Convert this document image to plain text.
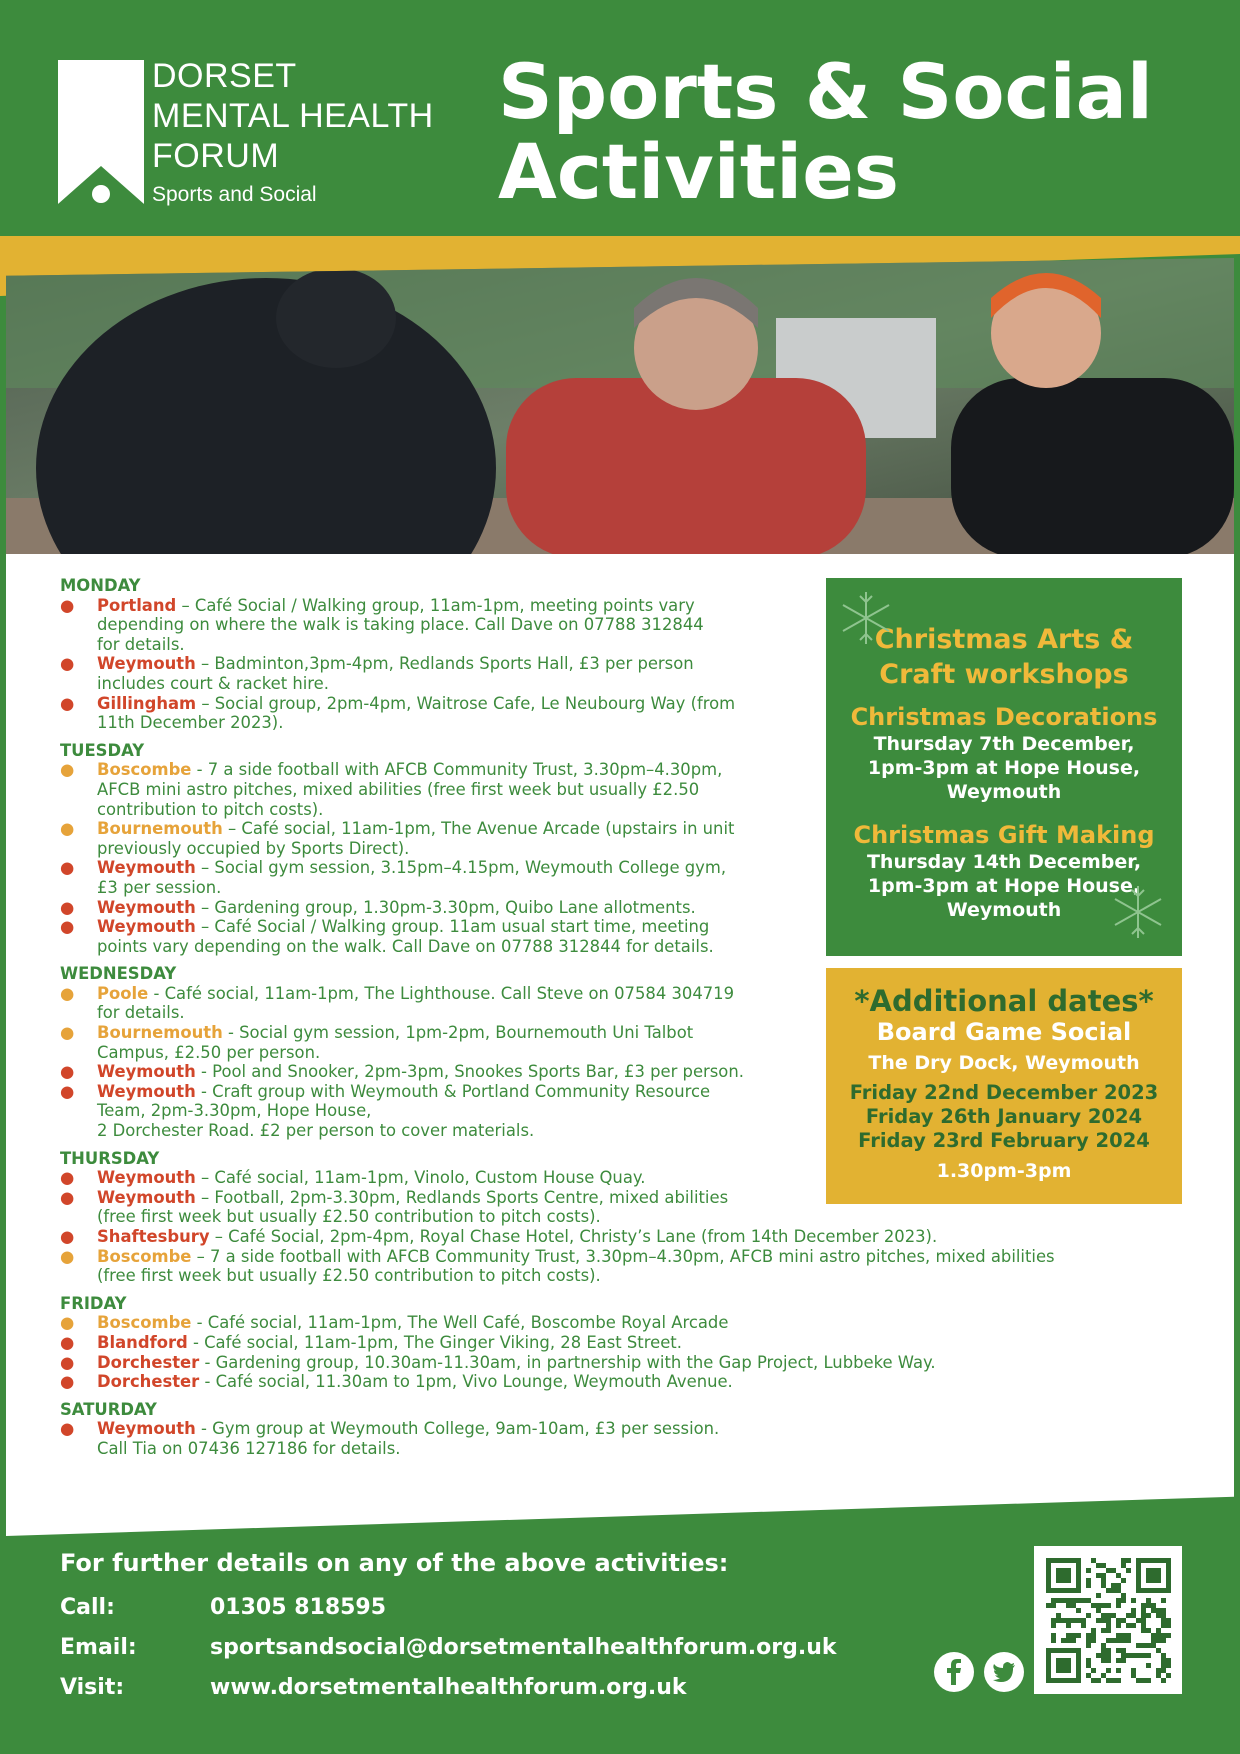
DORSET
MENTAL HEALTH
FORUM
Sports and Social
Sports & Social
Activities
MONDAY
● Portland – Café Social / Walking group, 11am-1pm, meeting points vary
depending on where the walk is taking place. Call Dave on 07788 312844
for details.
● Weymouth – Badminton,3pm-4pm, Redlands Sports Hall, £3 per person
includes court & racket hire.
● Gillingham – Social group, 2pm-4pm, Waitrose Cafe, Le Neubourg Way (from
11th December 2023).
TUESDAY
● Boscombe - 7 a side football with AFCB Community Trust, 3.30pm–4.30pm,
AFCB mini astro pitches, mixed abilities (free first week but usually £2.50
contribution to pitch costs).
● Bournemouth – Café social, 11am-1pm, The Avenue Arcade (upstairs in unit
previously occupied by Sports Direct).
● Weymouth – Social gym session, 3.15pm–4.15pm, Weymouth College gym,
£3 per session.
● Weymouth – Gardening group, 1.30pm-3.30pm, Quibo Lane allotments.
● Weymouth – Café Social / Walking group. 11am usual start time, meeting
points vary depending on the walk. Call Dave on 07788 312844 for details.
WEDNESDAY
● Poole - Café social, 11am-1pm, The Lighthouse. Call Steve on 07584 304719
for details.
● Bournemouth - Social gym session, 1pm-2pm, Bournemouth Uni Talbot
Campus, £2.50 per person.
● Weymouth - Pool and Snooker, 2pm-3pm, Snookes Sports Bar, £3 per person.
● Weymouth - Craft group with Weymouth & Portland Community Resource
Team, 2pm-3.30pm, Hope House,
2 Dorchester Road. £2 per person to cover materials.
THURSDAY
● Weymouth – Café social, 11am-1pm, Vinolo, Custom House Quay.
● Weymouth – Football, 2pm-3.30pm, Redlands Sports Centre, mixed abilities
(free first week but usually £2.50 contribution to pitch costs).
● Shaftesbury – Café Social, 2pm-4pm, Royal Chase Hotel, Christy’s Lane (from 14th December 2023).
● Boscombe – 7 a side football with AFCB Community Trust, 3.30pm–4.30pm, AFCB mini astro pitches, mixed abilities
(free first week but usually £2.50 contribution to pitch costs).
FRIDAY
● Boscombe - Café social, 11am-1pm, The Well Café, Boscombe Royal Arcade
● Blandford - Café social, 11am-1pm, The Ginger Viking, 28 East Street.
● Dorchester - Gardening group, 10.30am-11.30am, in partnership with the Gap Project, Lubbeke Way.
● Dorchester - Café social, 11.30am to 1pm, Vivo Lounge, Weymouth Avenue.
SATURDAY
● Weymouth - Gym group at Weymouth College, 9am-10am, £3 per session.
Call Tia on 07436 127186 for details.
Christmas Arts &
Craft workshops
Christmas Decorations
Thursday 7th December,
1pm-3pm at Hope House,
Weymouth
Christmas Gift Making
Thursday 14th December,
1pm-3pm at Hope House,
Weymouth
*Additional dates*
Board Game Social
The Dry Dock, Weymouth
Friday 22nd December 2023
Friday 26th January 2024
Friday 23rd February 2024
1.30pm-3pm
For further details on any of the above activities:
Call:	01305 818595
Email:	sportsandsocial@dorsetmentalhealthforum.org.uk
Visit:	www.dorsetmentalhealthforum.org.uk
